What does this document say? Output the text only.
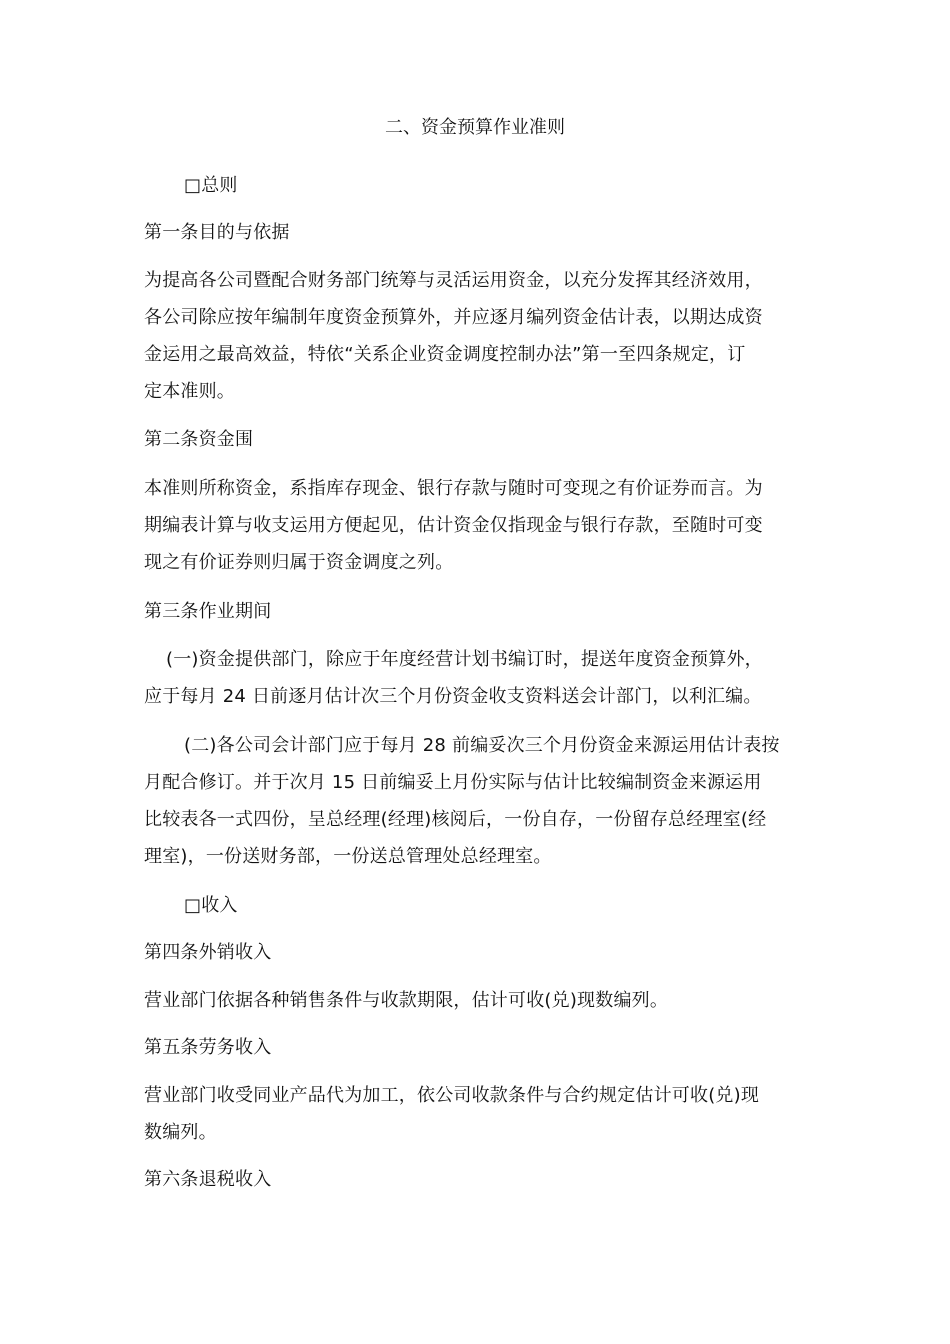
二、资金预算作业准则
□总则
第一条目的与依据
为提高各公司暨配合财务部门统筹与灵活运用资金，以充分发挥其经济效用，
各公司除应按年编制年度资金预算外，并应逐月编列资金估计表，以期达成资
金运用之最高效益，特依“关系企业资金调度控制办法”第一至四条规定，订
定本准则。
第二条资金围
本准则所称资金，系指库存现金、银行存款与随时可变现之有价证券而言。为
期编表计算与收支运用方便起见，估计资金仅指现金与银行存款，至随时可变
现之有价证券则归属于资金调度之列。
第三条作业期间
(一)资金提供部门，除应于年度经营计划书编订时，提送年度资金预算外，
应于每月 24 日前逐月估计次三个月份资金收支资料送会计部门，以利汇编。
(二)各公司会计部门应于每月 28 前编妥次三个月份资金来源运用估计表按
月配合修订。并于次月 15 日前编妥上月份实际与估计比较编制资金来源运用
比较表各一式四份，呈总经理(经理)核阅后，一份自存，一份留存总经理室(经
理室)，一份送财务部，一份送总管理处总经理室。
□收入
第四条外销收入
营业部门依据各种销售条件与收款期限，估计可收(兑)现数编列。
第五条劳务收入
营业部门收受同业产品代为加工，依公司收款条件与合约规定估计可收(兑)现
数编列。
第六条退税收入
